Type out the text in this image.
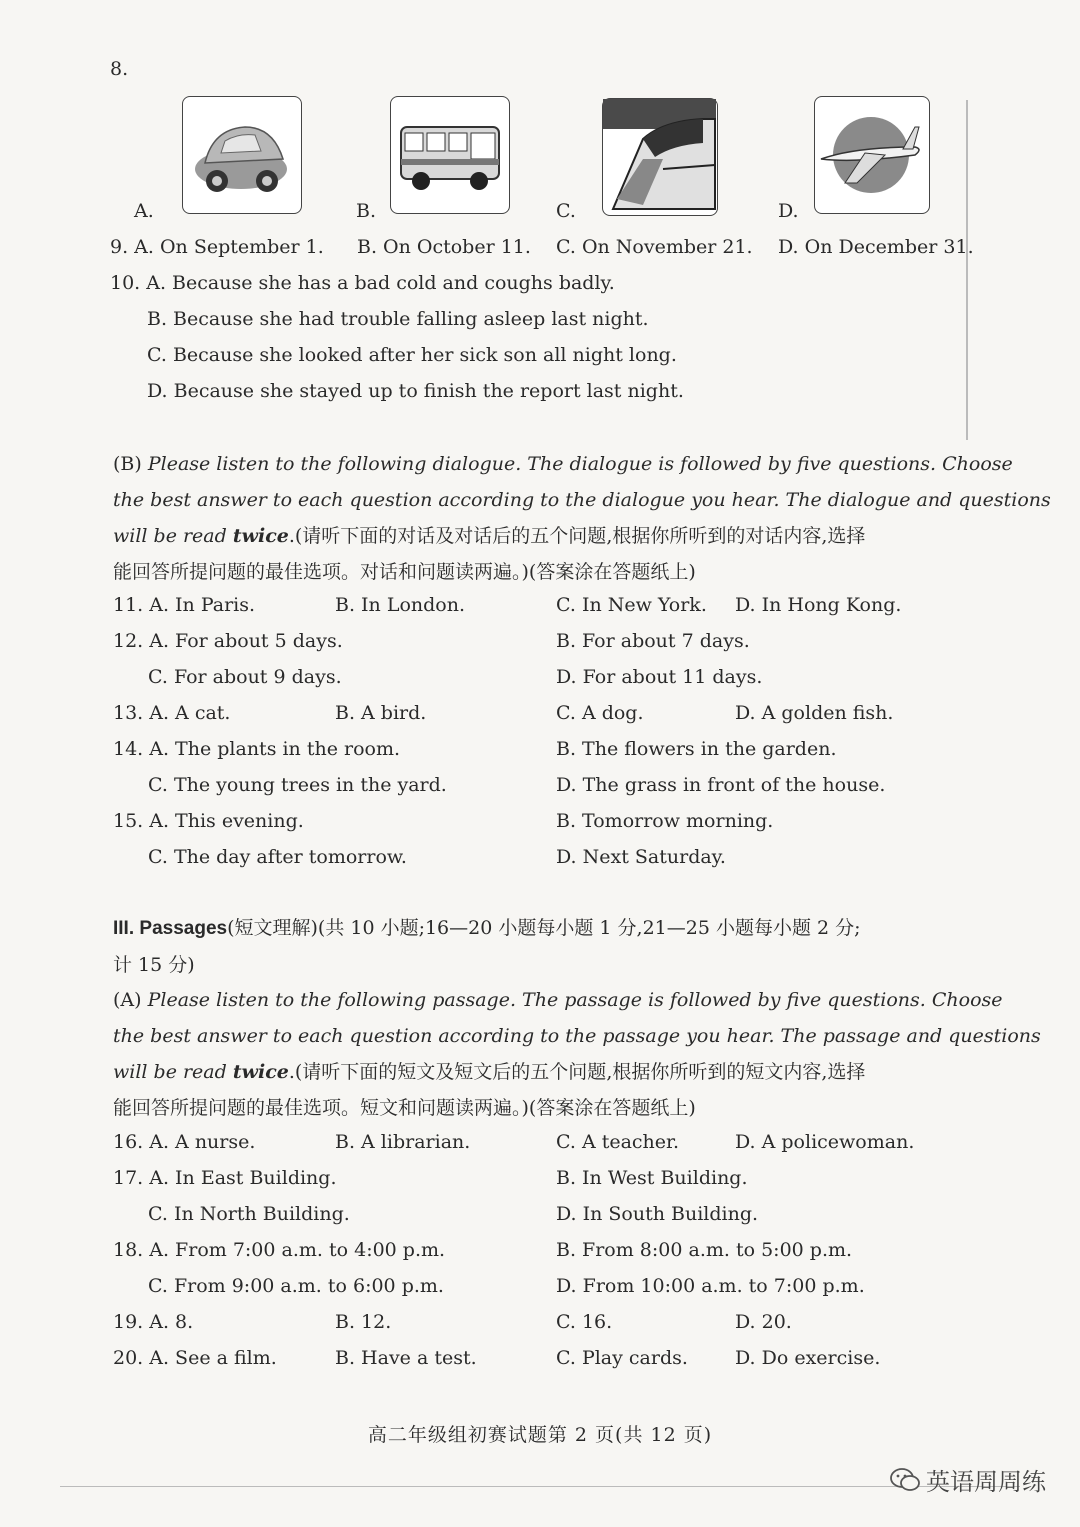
8.
A.	B.	C.	D.
9. A. On September 1. B. On October 11. C. On November 21. D. On December 31.
10. A. Because she has a bad cold and coughs badly.
B. Because she had trouble falling asleep last night.
C. Because she looked after her sick son all night long.
D. Because she stayed up to finish the report last night.
(B) Please listen to the following dialogue. The dialogue is followed by five questions. Choose
the best answer to each question according to the dialogue you hear. The dialogue and questions
will be read twice.(请听下面的对话及对话后的五个问题,根据你所听到的对话内容,选择
能回答所提问题的最佳选项。对话和问题读两遍。)(答案涂在答题纸上)
11. A. In Paris.	B. In London.	C. In New York. D. In Hong Kong.
12. A. For about 5 days.	B. For about 7 days.
C. For about 9 days.	D. For about 11 days.
13. A. A cat.	B. A bird.	C. A dog.	D. A golden fish.
14. A. The plants in the room.	B. The flowers in the garden.
C. The young trees in the yard.	D. The grass in front of the house.
15. A. This evening.	B. Tomorrow morning.
C. The day after tomorrow.	D. Next Saturday.
III. Passages(短文理解)(共 10 小题;16—20 小题每小题 1 分,21—25 小题每小题 2 分;
计 15 分)
(A) Please listen to the following passage. The passage is followed by five questions. Choose
the best answer to each question according to the passage you hear. The passage and questions
will be read twice.(请听下面的短文及短文后的五个问题,根据你所听到的短文内容,选择
能回答所提问题的最佳选项。短文和问题读两遍。)(答案涂在答题纸上)
16. A. A nurse.	B. A librarian.	C. A teacher.	D. A policewoman.
17. A. In East Building.	B. In West Building.
C. In North Building.	D. In South Building.
18. A. From 7:00 a.m. to 4:00 p.m.	B. From 8:00 a.m. to 5:00 p.m.
C. From 9:00 a.m. to 6:00 p.m.	D. From 10:00 a.m. to 7:00 p.m.
19. A. 8.	B. 12.	C. 16.	D. 20.
20. A. See a film.	B. Have a test.	C. Play cards. D. Do exercise.
高二年级组初赛试题第 2 页(共 12 页)
英语周周练
